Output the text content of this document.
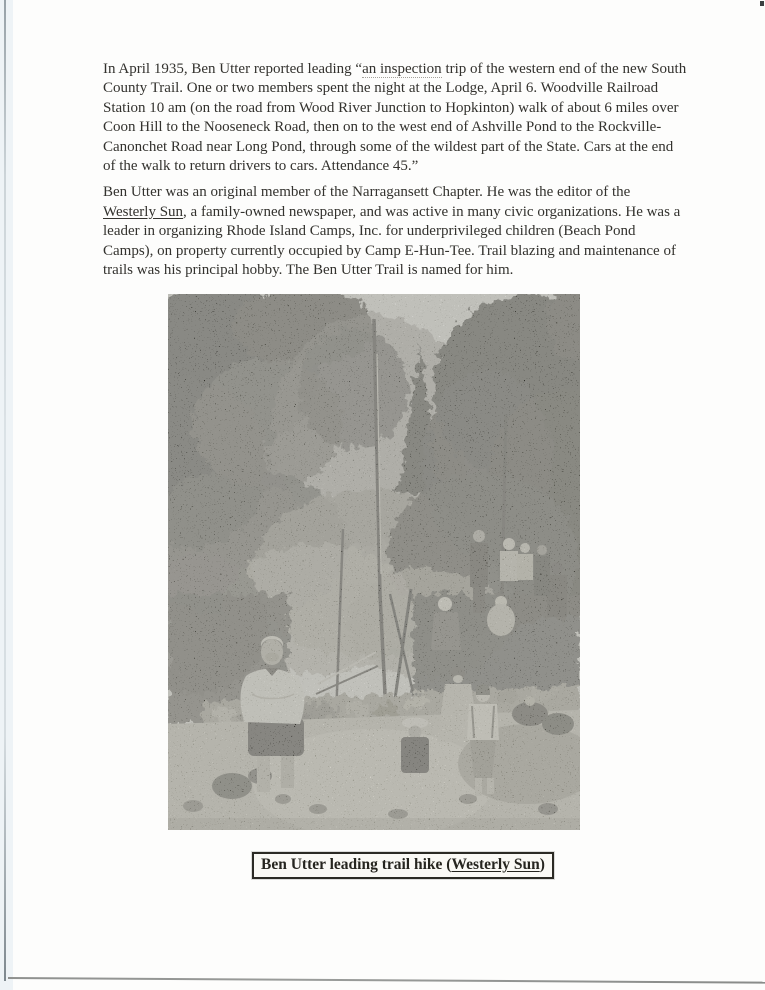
In April 1935, Ben Utter reported leading “an inspection trip of the western end of the new South
County Trail. One or two members spent the night at the Lodge, April 6. Woodville Railroad
Station 10 am (on the road from Wood River Junction to Hopkinton) walk of about 6 miles over
Coon Hill to the Nooseneck Road, then on to the west end of Ashville Pond to the Rockville-
Canonchet Road near Long Pond, through some of the wildest part of the State. Cars at the end
of the walk to return drivers to cars. Attendance 45.”
Ben Utter was an original member of the Narragansett Chapter. He was the editor of the
Westerly Sun, a family-owned newspaper, and was active in many civic organizations. He was a
leader in organizing Rhode Island Camps, Inc. for underprivileged children (Beach Pond
Camps), on property currently occupied by Camp E-Hun-Tee. Trail blazing and maintenance of
trails was his principal hobby. The Ben Utter Trail is named for him.
Ben Utter leading trail hike (Westerly Sun)
